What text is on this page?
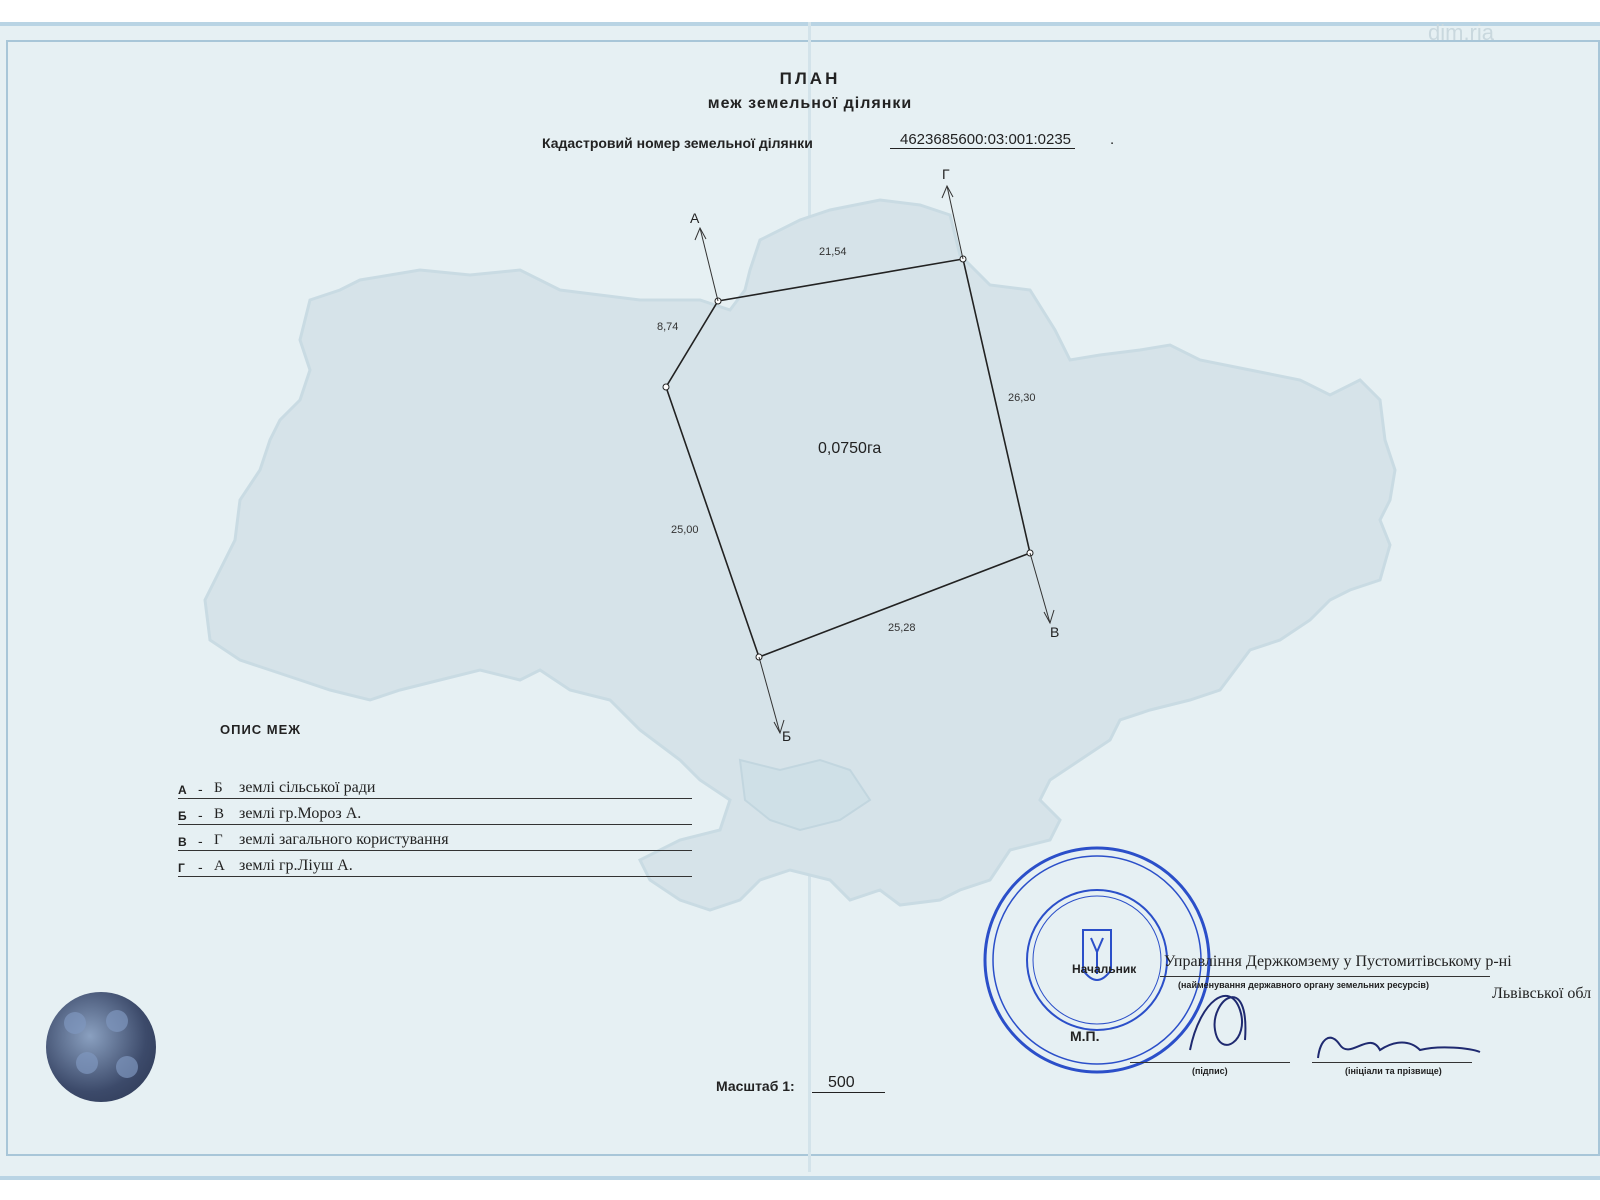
dim.ria
ПЛАН
меж земельної ділянки
Кадастровий номер земельної ділянки	4623685600:03:001:0235	.
21,54
8,74
26,30
25,00
25,28
0,0750га
А
Б
В
Г
ОПИС МЕЖ
А - Б землі сільської ради
Б - В землі гр.Мороз А.
В - Г землі загального користування
Г - А землі гр.Ліуш А.
Начальник Управління Держкомзему у Пустомитівському р-ні
(найменування державного органу земельних ресурсів)	Львівської обл
М.П.
(підпис)	(ініціали та прізвище)
Масштаб 1:	500
